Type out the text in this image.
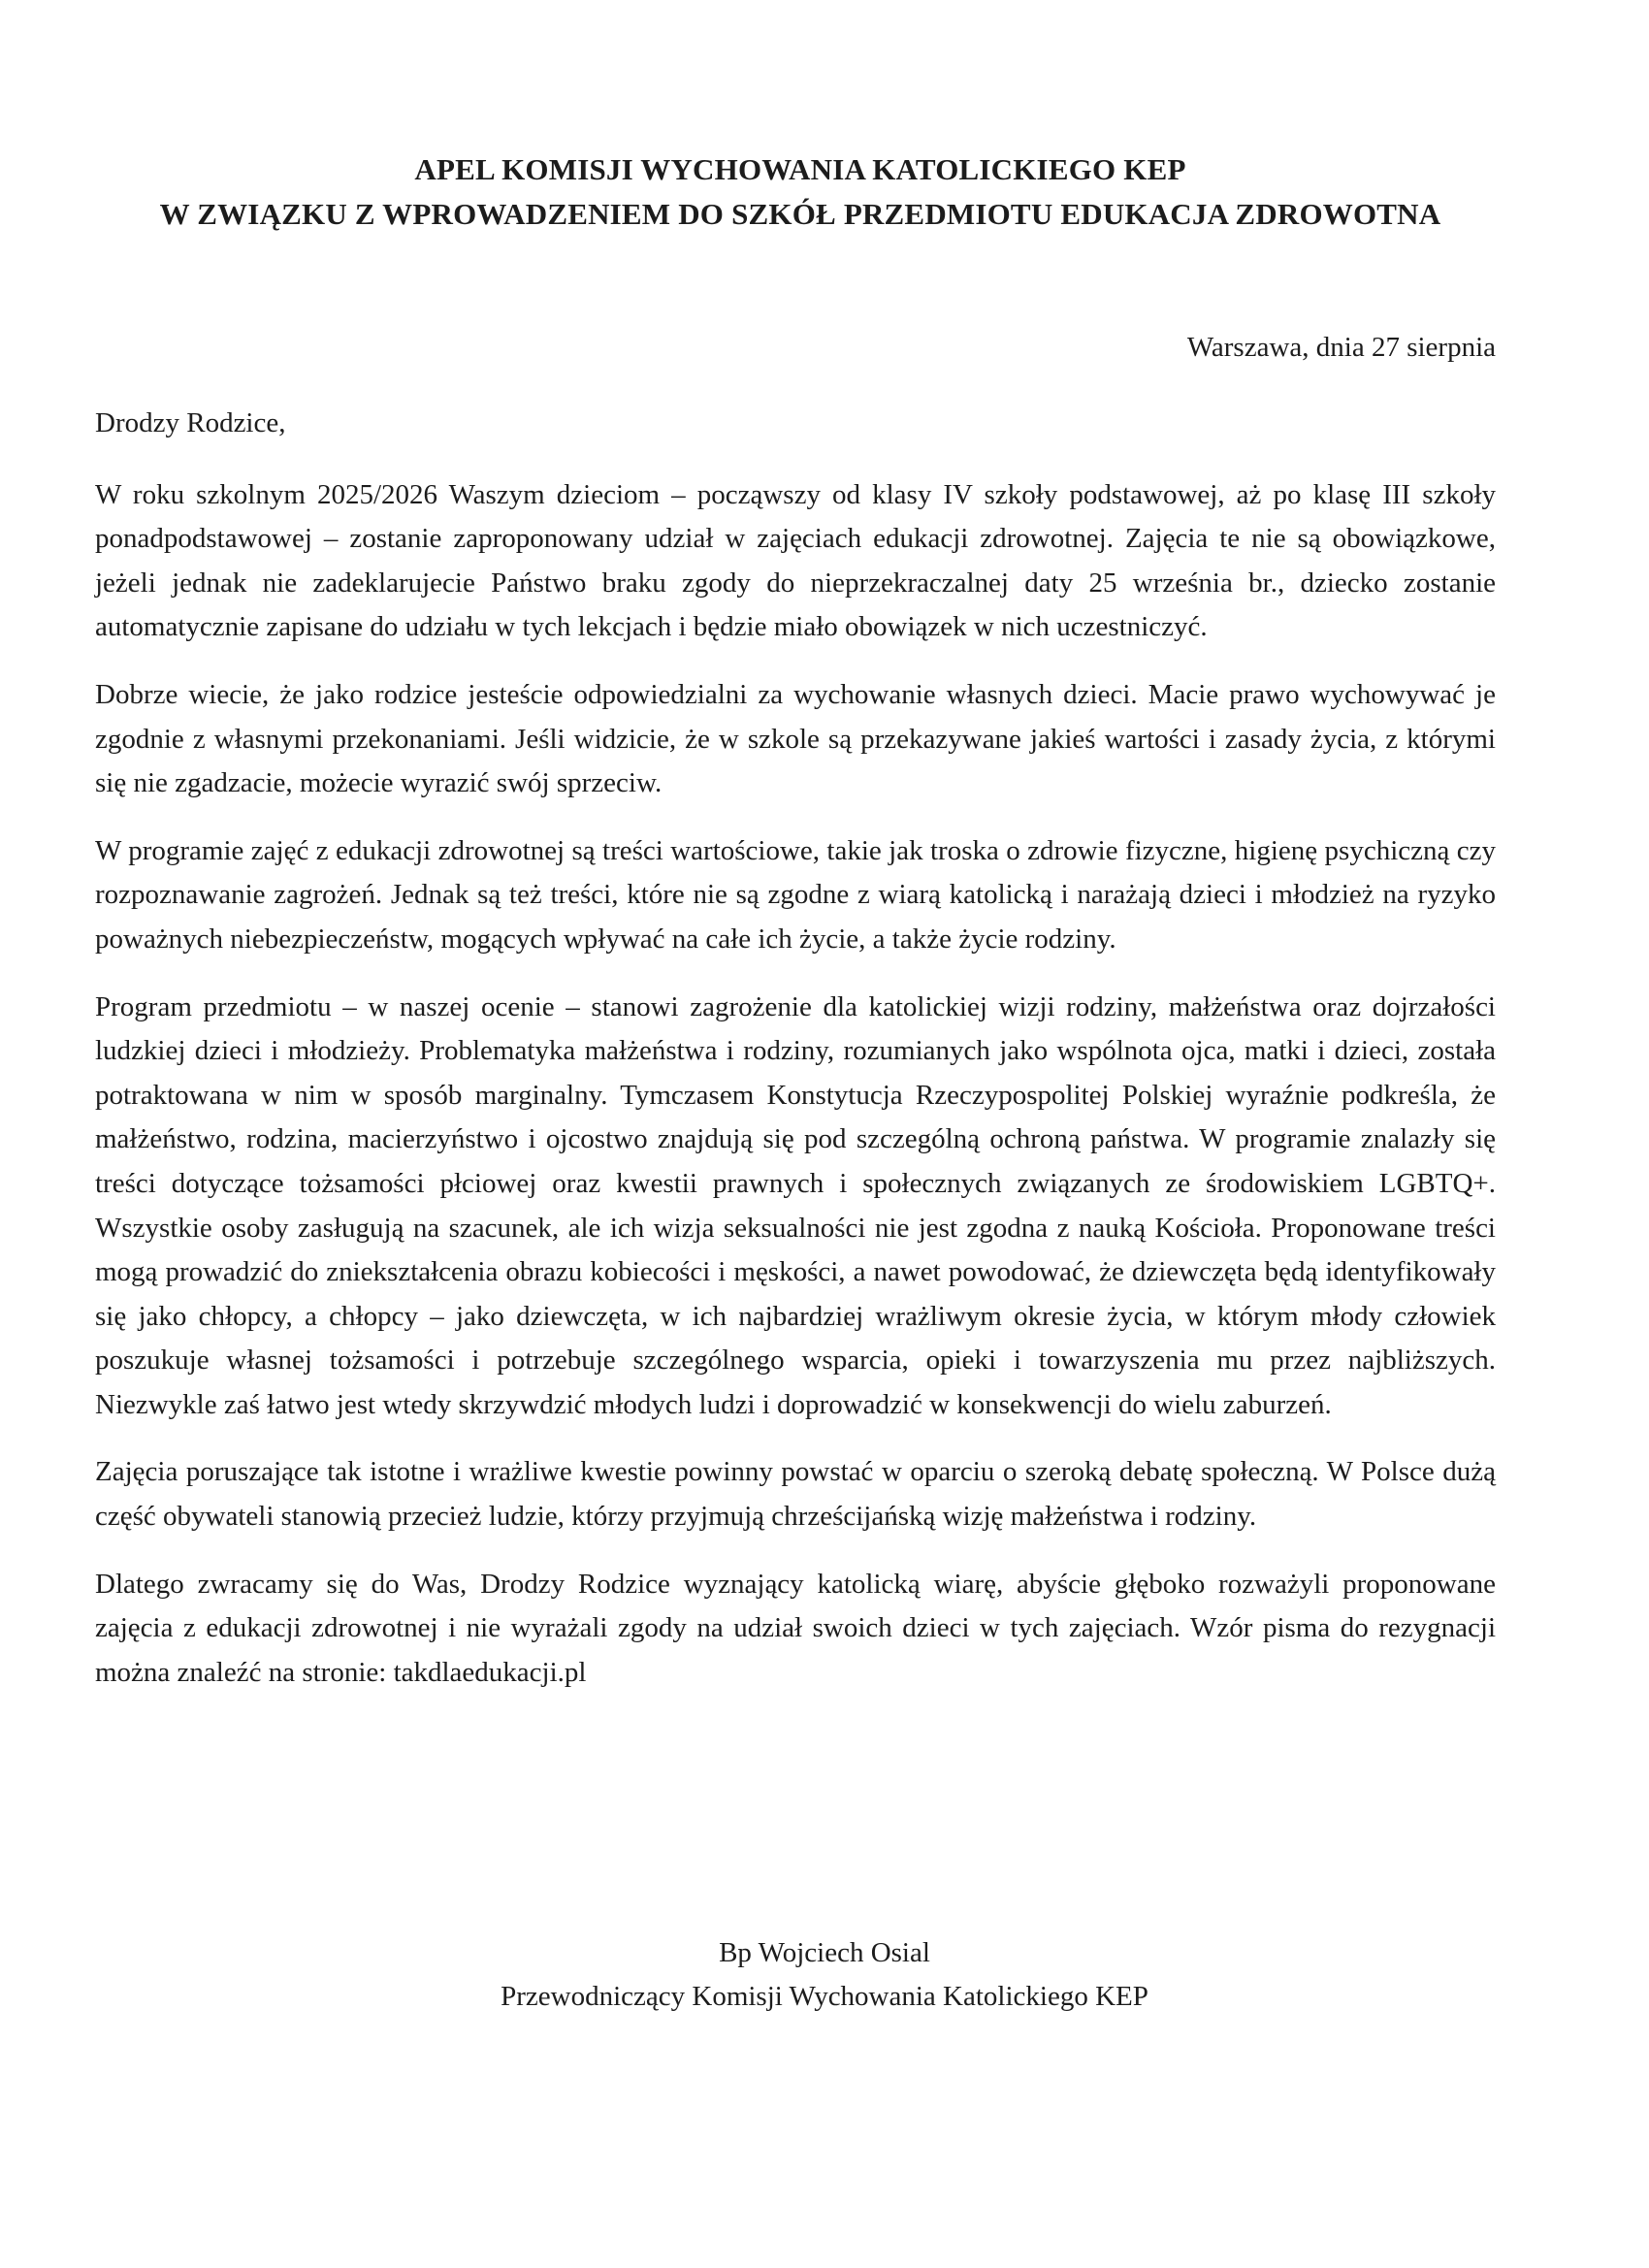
APEL KOMISJI WYCHOWANIA KATOLICKIEGO KEP
W ZWIĄZKU Z WPROWADZENIEM DO SZKÓŁ PRZEDMIOTU EDUKACJA ZDROWOTNA
Warszawa, dnia 27 sierpnia

Drodzy Rodzice,

W roku szkolnym 2025/2026 Waszym dzieciom – począwszy od klasy IV szkoły podstawowej, aż po klasę III szkoły ponadpodstawowej – zostanie zaproponowany udział w zajęciach edukacji zdrowotnej. Zajęcia te nie są obowiązkowe, jeżeli jednak nie zadeklarujecie Państwo braku zgody do nieprzekraczalnej daty 25 września br., dziecko zostanie automatycznie zapisane do udziału w tych lekcjach i będzie miało obowiązek w nich uczestniczyć.

Dobrze wiecie, że jako rodzice jesteście odpowiedzialni za wychowanie własnych dzieci. Macie prawo wychowywać je zgodnie z własnymi przekonaniami. Jeśli widzicie, że w szkole są przekazywane jakieś wartości i zasady życia, z którymi się nie zgadzacie, możecie wyrazić swój sprzeciw.

W programie zajęć z edukacji zdrowotnej są treści wartościowe, takie jak troska o zdrowie fizyczne, higienę psychiczną czy rozpoznawanie zagrożeń. Jednak są też treści, które nie są zgodne z wiarą katolicką i narażają dzieci i młodzież na ryzyko poważnych niebezpieczeństw, mogących wpływać na całe ich życie, a także życie rodziny.

Program przedmiotu – w naszej ocenie – stanowi zagrożenie dla katolickiej wizji rodziny, małżeństwa oraz dojrzałości ludzkiej dzieci i młodzieży. Problematyka małżeństwa i rodziny, rozumianych jako wspólnota ojca, matki i dzieci, została potraktowana w nim w sposób marginalny. Tymczasem Konstytucja Rzeczypospolitej Polskiej wyraźnie podkreśla, że małżeństwo, rodzina, macierzyństwo i ojcostwo znajdują się pod szczególną ochroną państwa. W programie znalazły się treści dotyczące tożsamości płciowej oraz kwestii prawnych i społecznych związanych ze środowiskiem LGBTQ+. Wszystkie osoby zasługują na szacunek, ale ich wizja seksualności nie jest zgodna z nauką Kościoła. Proponowane treści mogą prowadzić do zniekształcenia obrazu kobiecości i męskości, a nawet powodować, że dziewczęta będą identyfikowały się jako chłopcy, a chłopcy – jako dziewczęta, w ich najbardziej wrażliwym okresie życia, w którym młody człowiek poszukuje własnej tożsamości i potrzebuje szczególnego wsparcia, opieki i towarzyszenia mu przez najbliższych. Niezwykle zaś łatwo jest wtedy skrzywdzić młodych ludzi i doprowadzić w konsekwencji do wielu zaburzeń.

Zajęcia poruszające tak istotne i wrażliwe kwestie powinny powstać w oparciu o szeroką debatę społeczną. W Polsce dużą część obywateli stanowią przecież ludzie, którzy przyjmują chrześcijańską wizję małżeństwa i rodziny.

Dlatego zwracamy się do Was, Drodzy Rodzice wyznający katolicką wiarę, abyście głęboko rozważyli proponowane zajęcia z edukacji zdrowotnej i nie wyrażali zgody na udział swoich dzieci w tych zajęciach. Wzór pisma do rezygnacji można znaleźć na stronie: takdlaedukacji.pl

Bp Wojciech Osial
Przewodniczący Komisji Wychowania Katolickiego KEP
